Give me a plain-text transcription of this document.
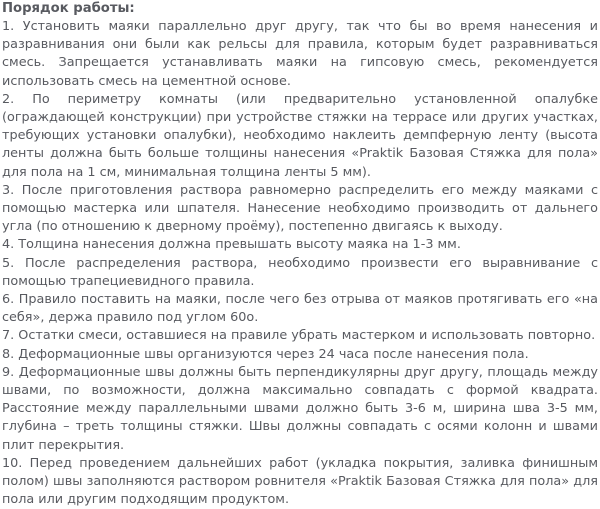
Порядок работы:

1. Установить маяки параллельно друг другу, так что бы во время нанесения и разравнивания они были как рельсы для правила, которым будет разравниваться смесь. Запрещается устанавливать маяки на гипсовую смесь, рекомендуется использовать смесь на цементной основе.

2. По периметру комнаты (или предварительно установленной опалубке (ограждающей конструкции) при устройстве стяжки на террасе или других участках, требующих установки опалубки), необходимо наклеить демпферную ленту (высота ленты должна быть больше толщины нанесения «Praktik Базовая Стяжка для пола» для пола на 1 см, минимальная толщина ленты 5 мм).

3. После приготовления раствора равномерно распределить его между маяками с помощью мастерка или шпателя. Нанесение необходимо производить от дальнего угла (по отношению к дверному проёму), постепенно двигаясь к выходу.

4. Толщина нанесения должна превышать высоту маяка на 1-3 мм.

5. После распределения раствора, необходимо произвести его выравнивание с помощью трапециевидного правила.

6. Правило поставить на маяки, после чего без отрыва от маяков протягивать его «на себя», держа правило под углом 60о.

7. Остатки смеси, оставшиеся на правиле убрать мастерком и использовать повторно.

8. Деформационные швы организуются через 24 часа после нанесения пола.

9. Деформационные швы должны быть перпендикулярны друг другу, площадь между швами, по возможности, должна максимально совпадать с формой квадрата. Расстояние между параллельными швами должно быть 3-6 м, ширина шва 3-5 мм, глубина – треть толщины стяжки. Швы должны совпадать с осями колонн и швами плит перекрытия.

10. Перед проведением дальнейших работ (укладка покрытия, заливка финишным полом) швы заполняются раствором ровнителя «Praktik Базовая Стяжка для пола» для пола или другим подходящим продуктом.
